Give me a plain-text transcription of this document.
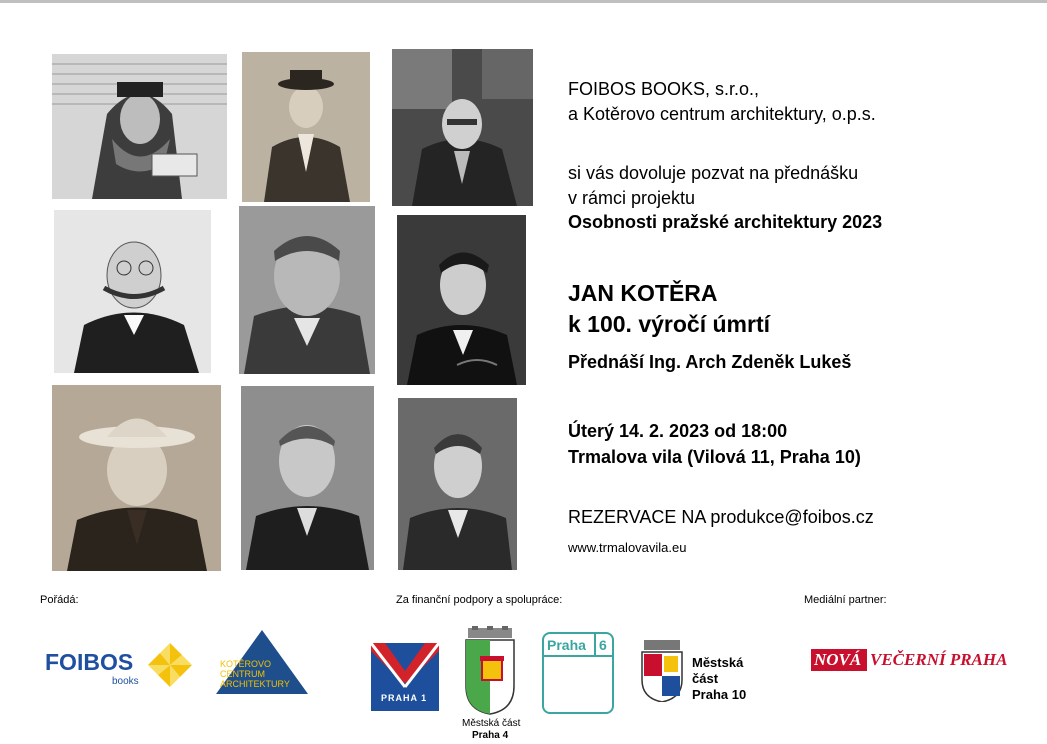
FOIBOS BOOKS, s.r.o.,
a Kotěrovo centrum architektury, o.p.s.
si vás dovoluje pozvat na přednášku
v rámci projektu
Osobnosti pražské architektury 2023
JAN KOTĚRA
k 100. výročí úmrtí
Přednáší Ing. Arch Zdeněk Lukeš
Úterý 14. 2. 2023 od 18:00
Trmalova vila (Vilová 11, Praha 10)
REZERVACE NA produkce@foibos.cz
www.trmalovavila.eu
Pořádá:	Za finanční podpory a spolupráce:	Mediální partner:
FOIBOS
books
KOTĚROVO
CENTRUM
ARCHITEKTURY
PRAHA 1
Městská část
Praha 4
Praha 6
Městská
část
Praha 10
NOVÁ VEČERNÍ PRAHA
